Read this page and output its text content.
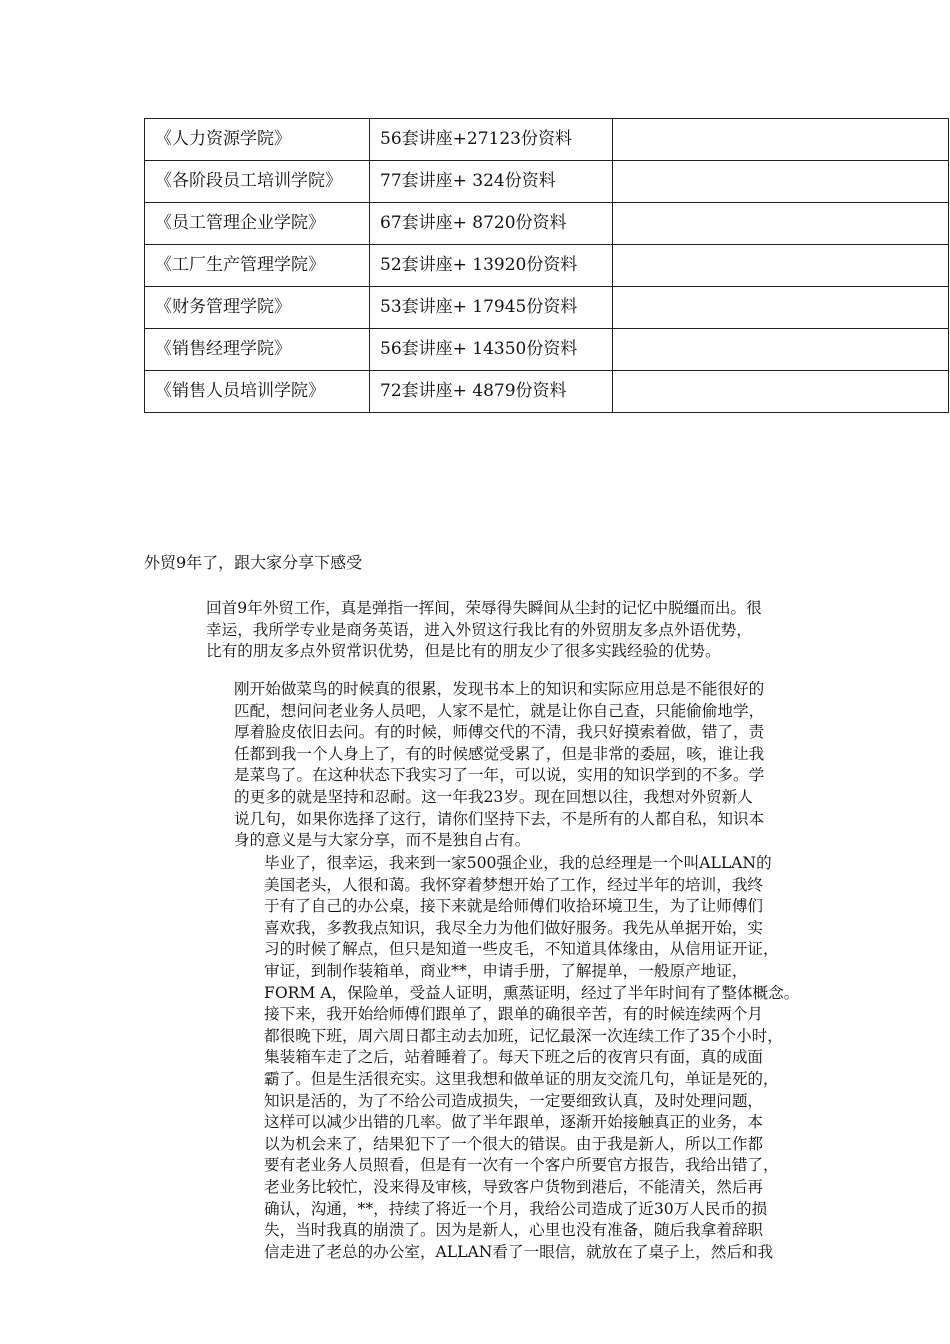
《人力资源学院》	56套讲座+27123份资料	

《各阶段员工培训学院》	77套讲座+ 324份资料	

《员工管理企业学院》	67套讲座+ 8720份资料	

《工厂生产管理学院》	52套讲座+ 13920份资料	

《财务管理学院》	53套讲座+ 17945份资料	

《销售经理学院》	56套讲座+ 14350份资料	

《销售人员培训学院》	72套讲座+ 4879份资料	

外贸9年了，跟大家分享下感受
回首9年外贸工作，真是弹指一挥间，荣辱得失瞬间从尘封的记忆中脱缰而出。很
幸运，我所学专业是商务英语，进入外贸这行我比有的外贸朋友多点外语优势，
比有的朋友多点外贸常识优势，但是比有的朋友少了很多实践经验的优势。
刚开始做菜鸟的时候真的很累，发现书本上的知识和实际应用总是不能很好的
匹配，想问问老业务人员吧，人家不是忙，就是让你自己查，只能偷偷地学，
厚着脸皮依旧去问。有的时候，师傅交代的不清，我只好摸索着做，错了，责
任都到我一个人身上了，有的时候感觉受累了，但是非常的委屈，咳，谁让我
是菜鸟了。在这种状态下我实习了一年，可以说，实用的知识学到的不多。学
的更多的就是坚持和忍耐。这一年我23岁。现在回想以往，我想对外贸新人
说几句，如果你选择了这行，请你们坚持下去，不是所有的人都自私，知识本
身的意义是与大家分享，而不是独自占有。
毕业了，很幸运，我来到一家500强企业，我的总经理是一个叫ALLAN的
美国老头，人很和蔼。我怀穿着梦想开始了工作，经过半年的培训，我终
于有了自己的办公桌，接下来就是给师傅们收拾环境卫生，为了让师傅们
喜欢我，多教我点知识，我尽全力为他们做好服务。我先从单据开始，实
习的时候了解点，但只是知道一些皮毛，不知道具体缘由，从信用证开证，
审证，到制作装箱单，商业**，申请手册，了解提单，一般原产地证，
FORM A，保险单，受益人证明，熏蒸证明，经过了半年时间有了整体概念。
接下来，我开始给师傅们跟单了，跟单的确很辛苦，有的时候连续两个月
都很晚下班，周六周日都主动去加班，记忆最深一次连续工作了35个小时，
集装箱车走了之后，站着睡着了。每天下班之后的夜宵只有面，真的成面
霸了。但是生活很充实。这里我想和做单证的朋友交流几句，单证是死的，
知识是活的，为了不给公司造成损失，一定要细致认真，及时处理问题，
这样可以减少出错的几率。做了半年跟单，逐渐开始接触真正的业务，本
以为机会来了，结果犯下了一个很大的错误。由于我是新人，所以工作都
要有老业务人员照看，但是有一次有一个客户所要官方报告，我给出错了，
老业务比较忙，没来得及审核，导致客户货物到港后，不能清关，然后再
确认，沟通，**，持续了将近一个月，我给公司造成了近30万人民币的损
失，当时我真的崩溃了。因为是新人，心里也没有准备，随后我拿着辞职
信走进了老总的办公室，ALLAN看了一眼信，就放在了桌子上，然后和我
